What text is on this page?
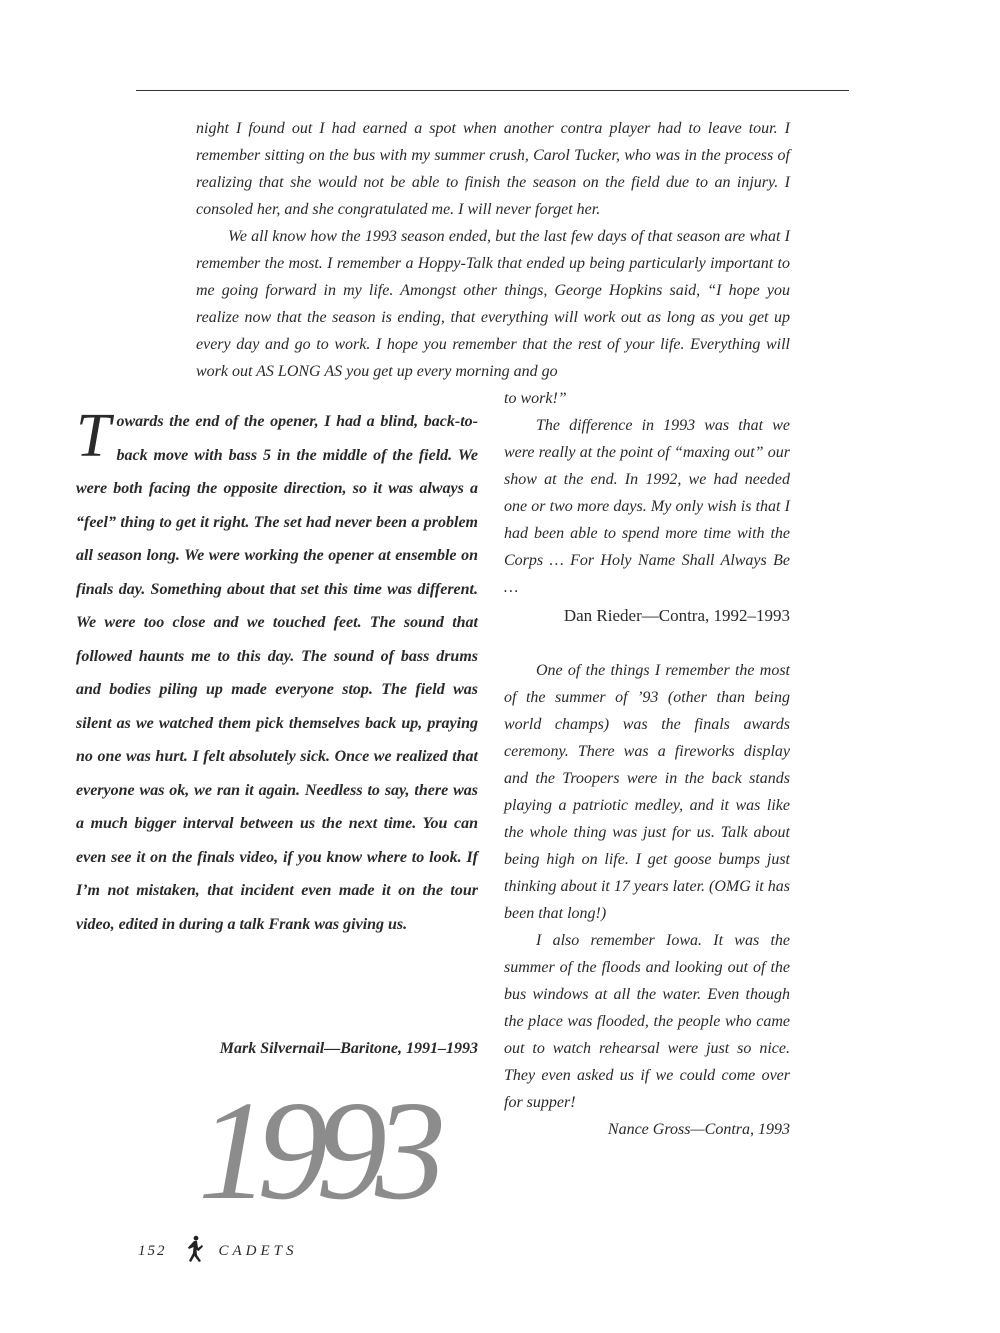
night I found out I had earned a spot when another contra player had to leave tour. I remember sitting on the bus with my summer crush, Carol Tucker, who was in the process of realizing that she would not be able to finish the season on the field due to an injury. I consoled her, and she congratulated me. I will never forget her.

We all know how the 1993 season ended, but the last few days of that season are what I remember the most. I remember a Hoppy-Talk that ended up being particularly important to me going forward in my life. Amongst other things, George Hopkins said, “I hope you realize now that the season is ending, that everything will work out as long as you get up every day and go to work. I hope you remember that the rest of your life. Everything will work out AS LONG AS you get up every morning and go

Towards the end of the opener, I had a blind, back-to-back move with bass 5 in the middle of the field. We were both facing the opposite direction, so it was always a “feel” thing to get it right. The set had never been a problem all season long. We were working the opener at ensemble on finals day. Something about that set this time was different. We were too close and we touched feet. The sound that followed haunts me to this day. The sound of bass drums and bodies piling up made everyone stop. The field was silent as we watched them pick themselves back up, praying no one was hurt. I felt absolutely sick. Once we realized that everyone was ok, we ran it again. Needless to say, there was a much bigger interval between us the next time. You can even see it on the finals video, if you know where to look. If I’m not mistaken, that incident even made it on the tour video, edited in during a talk Frank was giving us.

Mark Silvernail—Baritone, 1991–1993

to work!”

The difference in 1993 was that we were really at the point of “maxing out” our show at the end. In 1992, we had needed one or two more days. My only wish is that I had been able to spend more time with the Corps … For Holy Name Shall Always Be …

Dan Rieder—Contra, 1992–1993

One of the things I remember the most of the summer of ’93 (other than being world champs) was the finals awards ceremony. There was a fireworks display and the Troopers were in the back stands playing a patriotic medley, and it was like the whole thing was just for us. Talk about being high on life. I get goose bumps just thinking about it 17 years later. (OMG it has been that long!)

I also remember Iowa. It was the summer of the floods and looking out of the bus windows at all the water. Even though the place was flooded, the people who came out to watch rehearsal were just so nice. They even asked us if we could come over for supper!

Nance Gross—Contra, 1993

1993
152	CADETS
